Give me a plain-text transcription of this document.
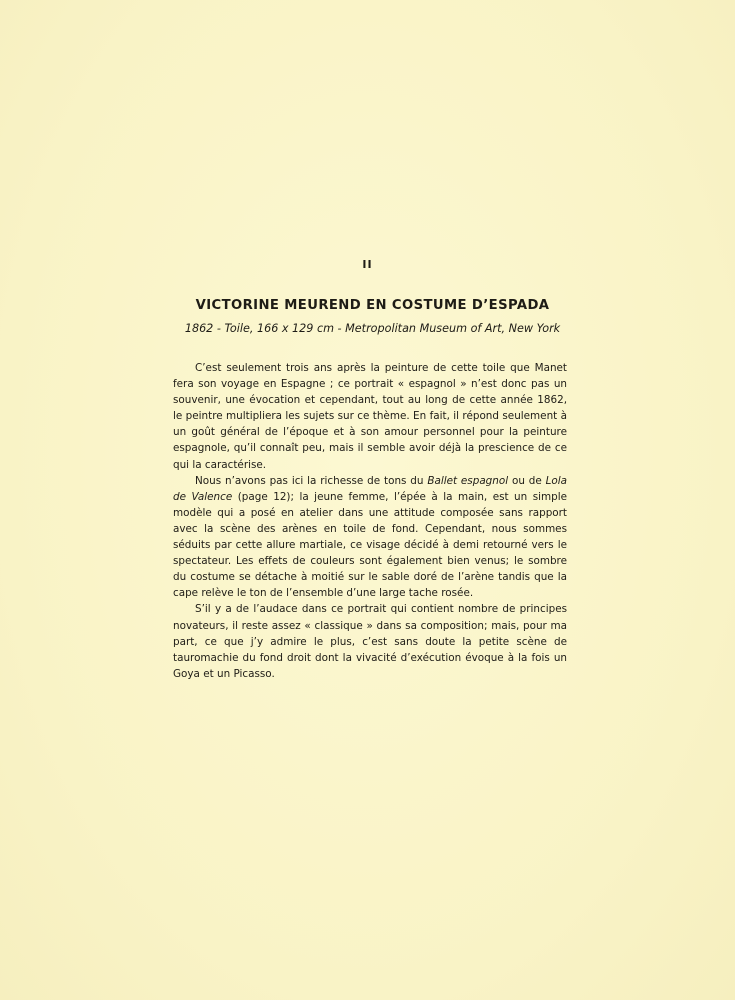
II
VICTORINE MEUREND EN COSTUME D’ESPADA
1862 - Toile, 166 x 129 cm - Metropolitan Museum of Art, New York

C’est seulement trois ans après la peinture de cette toile que Manet fera son voyage en Espagne ; ce portrait « espagnol » n’est donc pas un souvenir, une évocation et cependant, tout au long de cette année 1862, le peintre multipliera les sujets sur ce thème. En fait, il répond seulement à un goût général de l’époque et à son amour personnel pour la peinture espagnole, qu’il connaît peu, mais il semble avoir déjà la prescience de ce qui la caractérise.

Nous n’avons pas ici la richesse de tons du Ballet espagnol ou de Lola de Valence (page 12); la jeune femme, l’épée à la main, est un simple modèle qui a posé en atelier dans une attitude composée sans rapport avec la scène des arènes en toile de fond. Cependant, nous sommes séduits par cette allure martiale, ce visage décidé à demi retourné vers le spectateur. Les effets de couleurs sont également bien venus; le sombre du costume se détache à moitié sur le sable doré de l’arène tandis que la cape relève le ton de l’ensemble d’une large tache rosée.

S’il y a de l’audace dans ce portrait qui contient nombre de principes novateurs, il reste assez « classique » dans sa composition; mais, pour ma part, ce que j’y admire le plus, c’est sans doute la petite scène de tauromachie du fond droit dont la vivacité d’exécution évoque à la fois un Goya et un Picasso.
